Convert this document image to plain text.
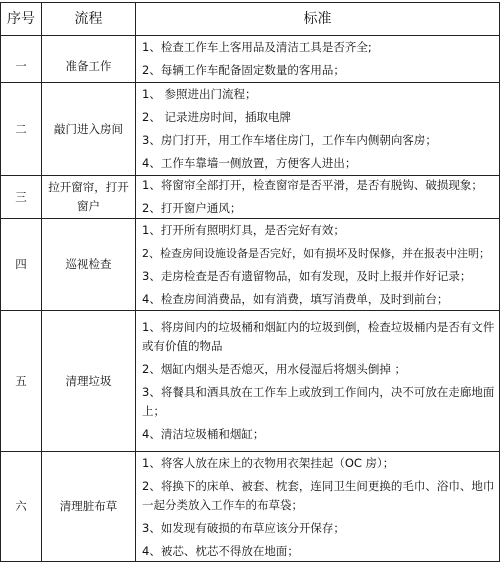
序号	流程	标准
一	准备工作	1、检查工作车上客用品及清洁工具是否齐全;
2、每辆工作车配备固定数量的客用品；

二	敲门进入房间	1、 参照进出门流程；
2、 记录进房时间，插取电牌
3、房门打开，用工作车堵住房门，工作车内侧朝向客房；
4、工作车靠墙一侧放置，方便客人进出；

三	拉开窗帘，打开
窗户	1、将窗帘全部打开，检查窗帘是否平滑，是否有脱钩、破损现象；
2、打开窗户通风；

四	巡视检查	1、打开所有照明灯具，是否完好有效；
2、检查房间设施设备是否完好，如有损坏及时保修，并在报表中注明；
3、走房检查是否有遗留物品，如有发现，及时上报并作好记录；
4、检查房间消费品，如有消费，填写消费单，及时到前台；

五	清理垃圾	1、将房间内的垃圾桶和烟缸内的垃圾到倒，检查垃圾桶内是否有文件或有价值的物品
2、烟缸内烟头是否熄灭，用水侵湿后将烟头倒掉 ；
3、将餐具和酒具放在工作车上或放到工作间内，决不可放在走廊地面上；
4、清洁垃圾桶和烟缸；

六	清理脏布草	1、将客人放在床上的衣物用衣架挂起（OC 房）；
2、将换下的床单、被套、枕套，连同卫生间更换的毛巾、浴巾、地巾一起分类放入工作车的布草袋；
3、如发现有破损的布草应该分开保存；
4、被芯、枕芯不得放在地面；
